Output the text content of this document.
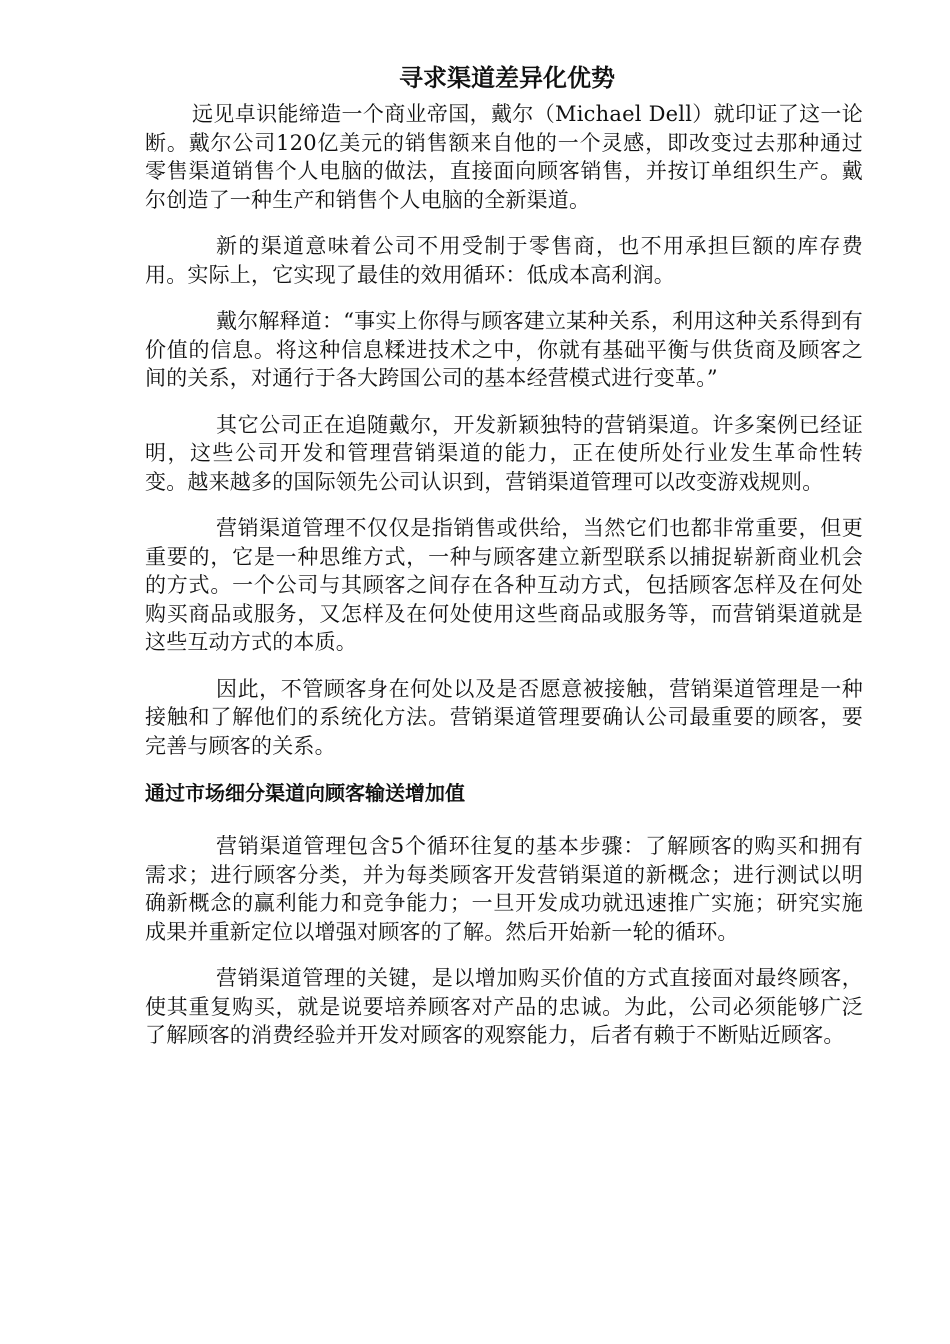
寻求渠道差异化优势

远见卓识能缔造一个商业帝国，戴尔（Michael Dell）就印证了这一论断。戴尔公司120亿美元的销售额来自他的一个灵感，即改变过去那种通过零售渠道销售个人电脑的做法，直接面向顾客销售，并按订单组织生产。戴尔创造了一种生产和销售个人电脑的全新渠道。

新的渠道意味着公司不用受制于零售商，也不用承担巨额的库存费用。实际上，它实现了最佳的效用循环：低成本高利润。

戴尔解释道：“事实上你得与顾客建立某种关系，利用这种关系得到有价值的信息。将这种信息糅进技术之中，你就有基础平衡与供货商及顾客之间的关系，对通行于各大跨国公司的基本经营模式进行变革。”

其它公司正在追随戴尔，开发新颖独特的营销渠道。许多案例已经证明，这些公司开发和管理营销渠道的能力，正在使所处行业发生革命性转变。越来越多的国际领先公司认识到，营销渠道管理可以改变游戏规则。

营销渠道管理不仅仅是指销售或供给，当然它们也都非常重要，但更重要的，它是一种思维方式，一种与顾客建立新型联系以捕捉崭新商业机会的方式。一个公司与其顾客之间存在各种互动方式，包括顾客怎样及在何处购买商品或服务，又怎样及在何处使用这些商品或服务等，而营销渠道就是这些互动方式的本质。

因此，不管顾客身在何处以及是否愿意被接触，营销渠道管理是一种接触和了解他们的系统化方法。营销渠道管理要确认公司最重要的顾客，要完善与顾客的关系。

通过市场细分渠道向顾客输送增加值

营销渠道管理包含5个循环往复的基本步骤：了解顾客的购买和拥有需求；进行顾客分类，并为每类顾客开发营销渠道的新概念；进行测试以明确新概念的赢利能力和竞争能力；一旦开发成功就迅速推广实施；研究实施成果并重新定位以增强对顾客的了解。然后开始新一轮的循环。

营销渠道管理的关键，是以增加购买价值的方式直接面对最终顾客，使其重复购买，就是说要培养顾客对产品的忠诚。为此，公司必须能够广泛了解顾客的消费经验并开发对顾客的观察能力，后者有赖于不断贴近顾客。
